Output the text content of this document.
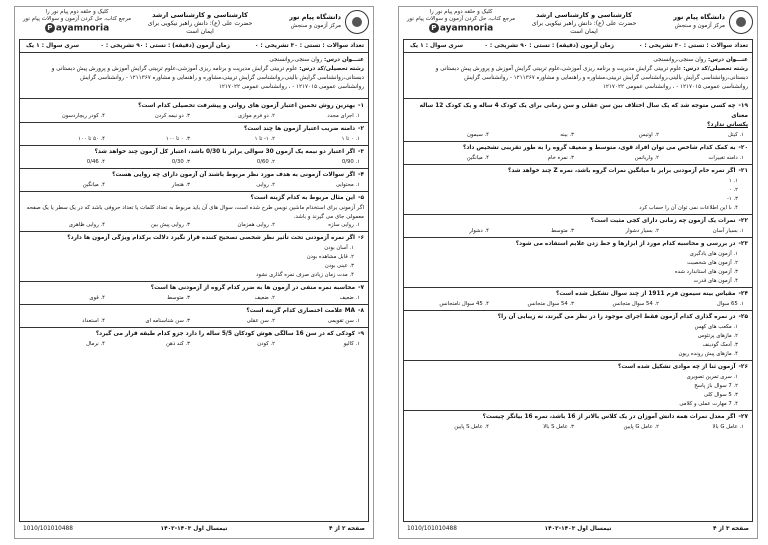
کلیک و حلقه دوم پیام نور را
مرجع کتاب، حل کردن آزمون و سوالات پیام نور
P ayamnoria
کارشناسی و کارشناسی ارشد
حضرت علی (ع): دانش راهبر نیکویی برای ایمان است
دانشگاه پیام نور
مرکز آزمون و سنجش
تعداد سوالات : تستی : ۳۰ تشریحی : ۰
زمان آزمون (دقیقه) : تستی : ۹۰ تشریحی : ۰
سری سوال : ۱ یک
عنـــوان درس: روان سنجی،روانسنجی
رشته تحصیلی/کد درس: علوم تربیتی گرایش مدیریت و برنامه ریزی آموزشی،علوم تربیتی گرایش آموزش و پرورش پیش دبستانی و دبستانی،روانشناسی گرایش بالینی،روانشناسی گرایش تربیتی،مشاوره و راهنمایی و مشاوره ۱۲۱۱۳۶۷ - روانشناسی گرایش
روانشناسی عمومی ۱۲۱۷۰۱۵ - ، روانشناسی عمومی ۱۲۱۷۰۲۲
۱-بهترین روش تخمین اعتبار آزمون های روانی و پیشرفت تحصیلی کدام است؟
۱. اجرای مجدد
۲. دو فرم موازی
۳. دو نیمه کردن
۴. کودر ریچاردسون
۲-دامنه ضریب اعتبار آزمون ها چند است؟
۱. ۰ تا ۱
۲. ۱- تا ۱
۳. ۰ تا ۱۰۰
۴. ۵۰ تا ۱۰۰
۳-اگر اعتبار دو نیمه یک آزمون 30 سوالی برابر با 0/30 باشد، اعتبار کل آزمون چند خواهد شد؟
۱. 0/90
۲. 0/60
۳. 0/30
۴. 0/46
۴-اگر سوالات آزمونی به هدف مورد نظر مربوط باشند آن آزمون دارای چه روایی هست؟
۱. محتوایی
۲. روایی
۳. هنجار
۴. میانگین
۵-این مثال مربوط به کدام گزینه است؟
اگر آزمونی برای استخدام ماشین نویس طرح شده است، سوال های آن باید مربوط به تعداد کلمات یا تعداد حروفی باشد که در یک سطر یا یک صفحه معمولی جای می گیرند و باشد.
۱. روایی سازه
۲. روایی همزمان
۳. روایی پیش بین
۴. روایی ظاهری
۶-اگر نمره آزمودنی تحت تأثیر نظر شخصی تصحیح کننده قرار نگیرد دلالت برکدام ویژگی آزمون ها دارد؟
۱. آسان بودن
۲. قابل مشاهده بودن
۳. عینی بودن
۴. مدت زمان زیادی صرف نمره گذاری نشود
۷-محاسبه نمره منفی در آزمون ها به ضرر کدام گروه از آزمودنی ها است؟
۱. ضعیف
۲. ضعیف
۳. متوسط
۴. قوی
۸-MA علامت اختصاری کدام گزینه است؟
۱. سن تقویمی
۲. سن عقلی
۳. سن شناسنامه ای
۴. استعداد
۹-کودکی که در سن 16 سالگی هوش کودکان 5/5 ساله را دارد جزو کدام طبقه قرار می گیرد؟
۱. کالیو
۲. کودن
۳. کند ذهن
۴. نرمال
صفحه ۲ از ۴
نیمسال اول ۱۴۰۳-۱۴۰۲
1010/101010488
کلیک و حلقه دوم پیام نور را
مرجع کتاب، حل کردن آزمون و سوالات پیام نور
P ayamnoria
کارشناسی و کارشناسی ارشد
حضرت علی (ع): دانش راهبر نیکویی برای ایمان است
دانشگاه پیام نور
مرکز آزمون و سنجش
تعداد سوالات : تستی : ۳۰ تشریحی : ۰
زمان آزمون (دقیقه) : تستی : ۹۰ تشریحی : ۰
سری سوال : ۱ یک
عنـــوان درس: روان سنجی،روانسنجی
رشته تحصیلی/کد درس: علوم تربیتی گرایش مدیریت و برنامه ریزی آموزشی،علوم تربیتی گرایش آموزش و پرورش پیش دبستانی و دبستانی،روانشناسی گرایش بالینی،روانشناسی گرایش تربیتی،مشاوره و راهنمایی و مشاوره ۱۲۱۱۳۶۷ - روانشناسی گرایش
روانشناسی عمومی ۱۲۱۷۰۱۵ - ، روانشناسی عمومی ۱۲۱۷۰۲۲
۱۹-چه کسی متوجه شد که یک سال اختلاف بین سن عقلی و سن زمانی برای یک کودک 4 ساله و یک کودک 12 ساله معنای
یکسانی ندارد؟
۱. کیتل
۲. اوتیس
۳. بینه
۴. سیمون
۲۰-به کمک کدام شاخص می توان افراد قوی، متوسط و ضعیف گروه را به طور تقریبی تشخیص داد؟
۱. دامنه تغییرات
۲. واریانس
۳. نمره خام
۴. میانگین
۲۱-اگر نمره خام آزمودنی برابر با میانگین نمرات گروه باشد، نمره Z چند خواهد شد؟
۱. ۱
۲. ۰
۳. ۱-
۴. با این اطلاعات نمی توان آن را حساب کرد
۲۲-نمرات یک آزمون چه زمانی دارای کجی مثبت است؟
۱. بسیار آسان
۲. بسیار دشوار
۳. متوسط
۴. دشوار
۲۳-در بررسی و محاسبه کدام مورد از ابزارها و خط زدن علایم استفاده می شود؟
۱. آزمون های یادگیری
۲. آزمون های شخصیت
۳. آزمون های استاندارد شده
۴. آزمون های قدرت
۲۴-مقیاس بینه سیمون فرم 1911 از چند سوال تشکیل شده است؟
۱. 65 سوال
۲. 54 سوال متجانس
۳. 54 سوال متجانس
۴. 45 سوال نامتجانس
۲۵-در نمره گذاری کدام آزمون فقط اجرای موجود را در نظر می گیرند، نه زیبایی آن را؟
۱. مکعب های کهس
۲. مازهای پرتئوس
۳. آدمک گودینف
۴. مازهای پیش رونده ریون
۲۶-آزمون ثنا از چه موادی تشکیل شده است؟
۱. سری تمرین تصویری
۲. 7 سوال باز پاسخ
۳. 5 سوال کلی
۴. 7 مهارت عملی و کلامی
۲۷-اگر معدل نمرات همه دانش آموزان در یک کلاس بالاتر از 16 باشد، نمره 16 بیانگر چیست؟
۱. عامل G بالا
۲. عامل G پایین
۳. عامل S بالا
۴. عامل S پایین
صفحه ۳ از ۴
نیمسال اول ۱۴۰۳-۱۴۰۲
1010/101010488
